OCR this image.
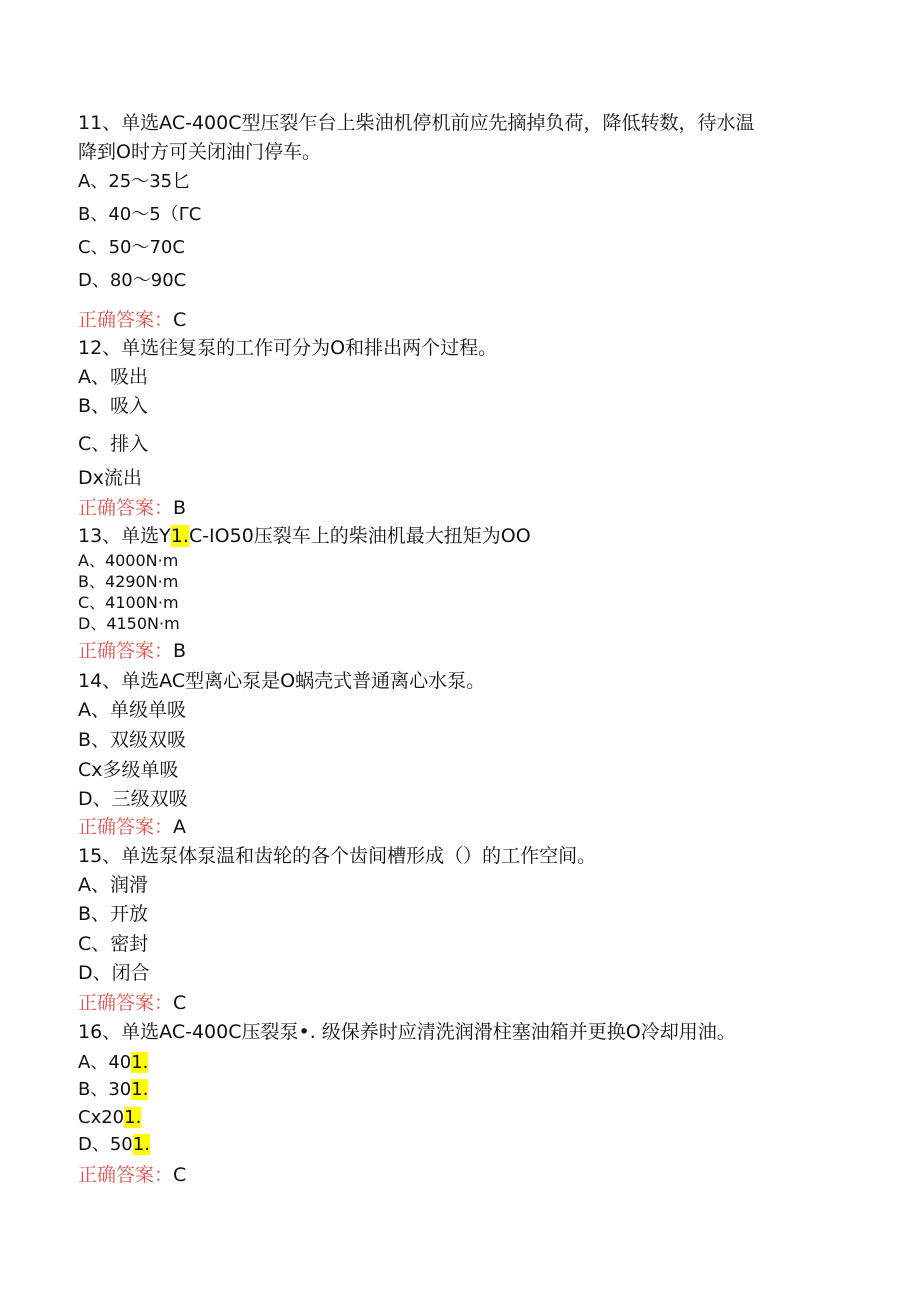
11、单选AC-400C型压裂乍台上柴油机停机前应先摘掉负荷，降低转数，待水温
降到O时方可关闭油门停车。
A、25～35匕
B、40～5（ΓC
C、50～70C
D、80～90C
正确答案：C
12、单选往复泵的工作可分为O和排出两个过程。
A、吸出
B、吸入
C、排入
Dx流出
正确答案：B
13、单选Y1.C-IO50压裂车上的柴油机最大扭矩为OO
A、4000N·m
B、4290N·m
C、4100N·m
D、4150N·m
正确答案：B
14、单选AC型离心泵是O蜗壳式普通离心水泵。
A、单级单吸
B、双级双吸
Cx多级单吸
D、三级双吸
正确答案：A
15、单选泵体泵温和齿轮的各个齿间槽形成（）的工作空间。
A、润滑
B、开放
C、密封
D、闭合
正确答案：C
16、单选AC-400C压裂泵•. 级保养时应清洗润滑柱塞油箱并更换O冷却用油。
A、401.
B、301.
Cx201.
D、501.
正确答案：C
